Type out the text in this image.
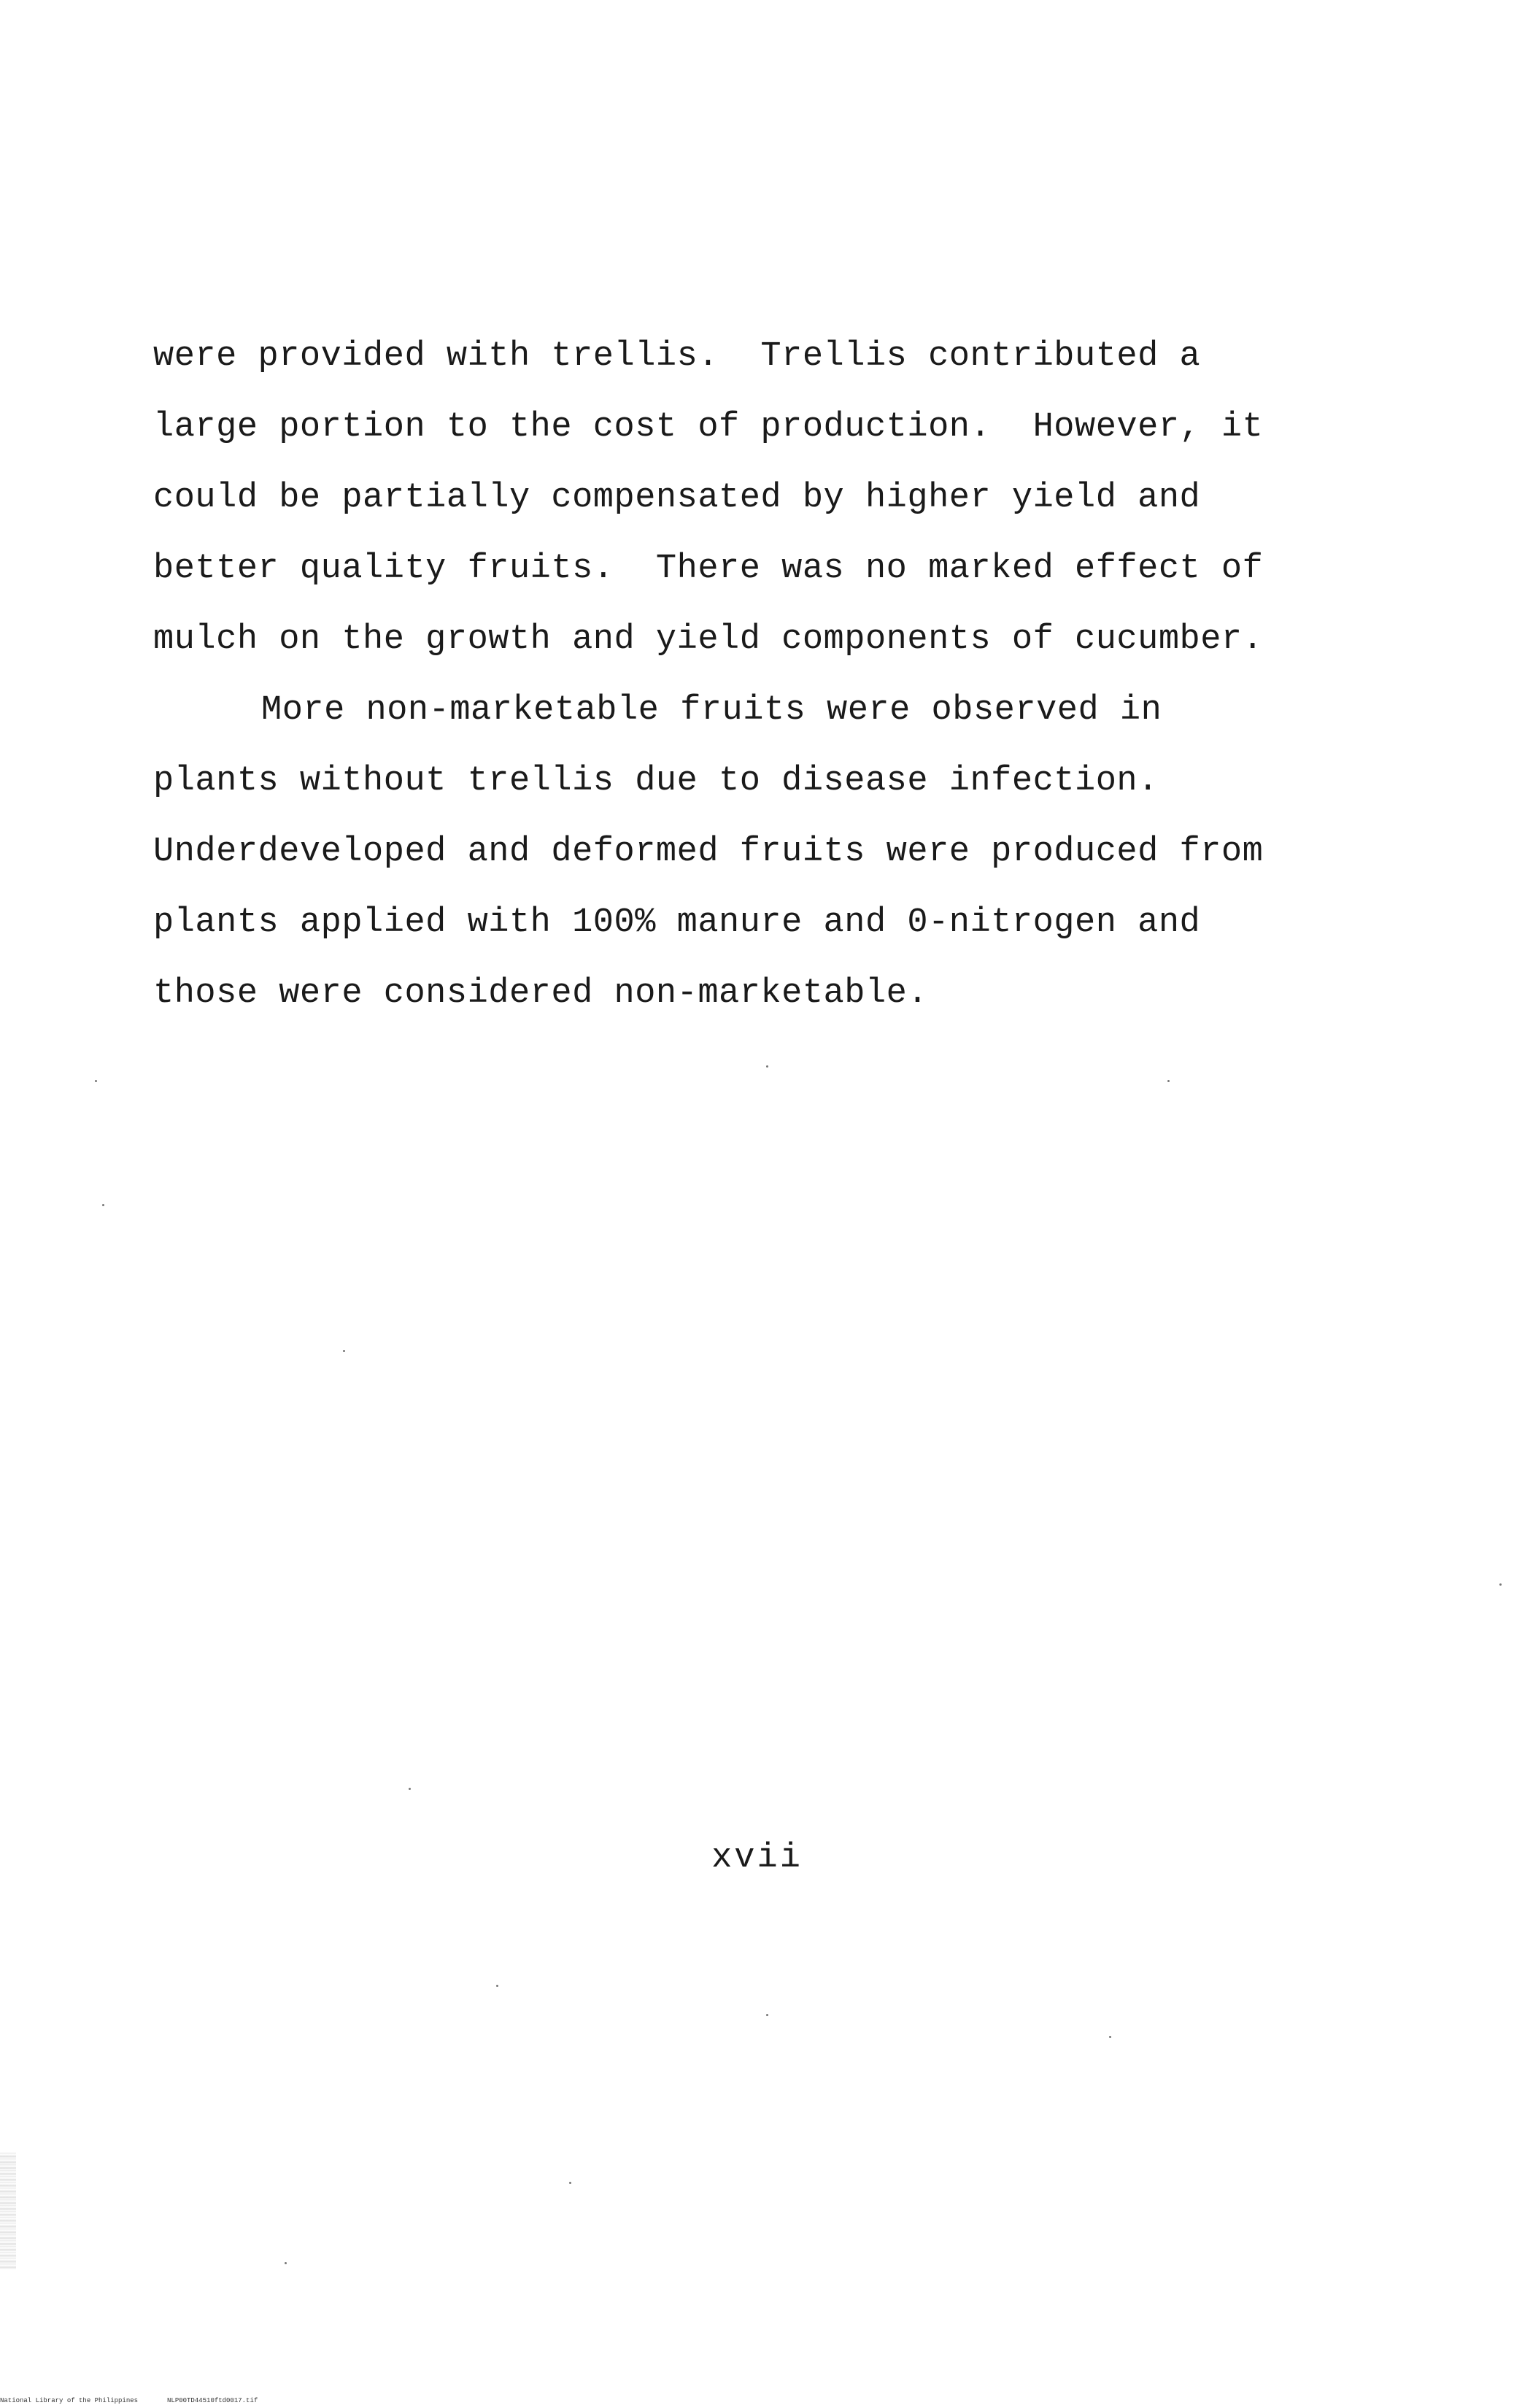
were provided with trellis.  Trellis contributed a
large portion to the cost of production.  However, it
could be partially compensated by higher yield and
better quality fruits.  There was no marked effect of
mulch on the growth and yield components of cucumber.
More non-marketable fruits were observed in
plants without trellis due to disease infection.
Underdeveloped and deformed fruits were produced from
plants applied with 100% manure and 0-nitrogen and
those were considered non-marketable.
xvii
National Library of the Philippines	NLP00TD44510ftd0017.tif
